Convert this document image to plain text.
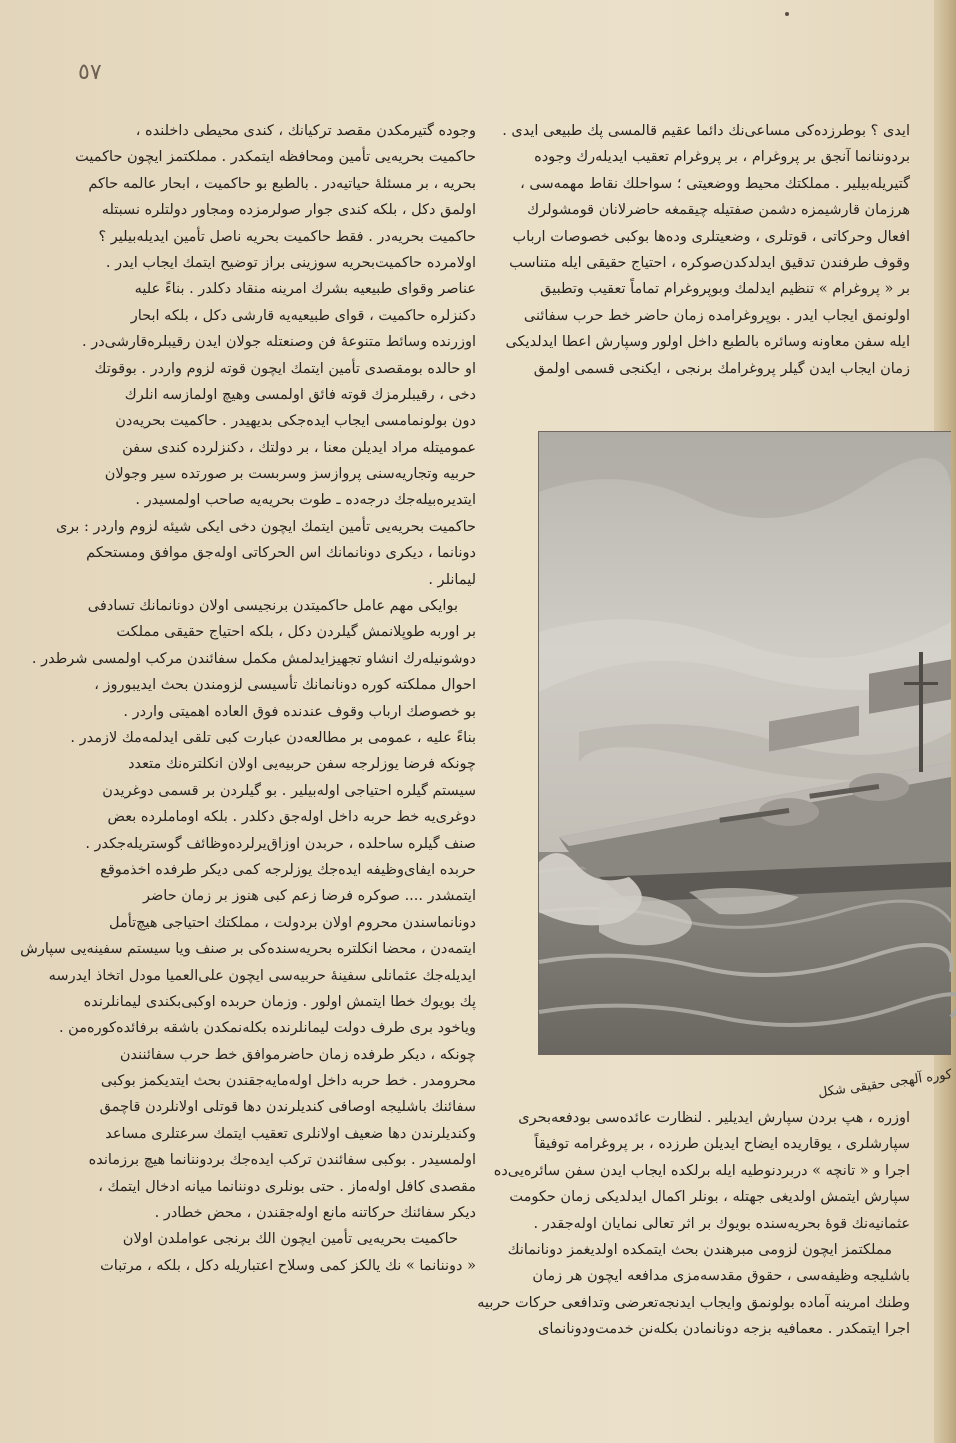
٥٧
ایدی ؟ بوطرزده‌کی مساعی‌نك دائما عقيم قالمسی پك طبیعی ایدی .
بردوننانما آنجق بر پروغرام ، بر پروغرام تعقیب ایدیله‌رك وجوده
گتیریله‌بیلیر . مملکتك محیط ووضعیتی ؛ سواحلك نقاط مهمه‌سی ،
هرزمان قارشیمزه دشمن صفتیله چیقمغه حاضرلانان قومشولرك
افعال وحرکاتی ، قوتلری ، وضعیتلری وده‌ها بوکبی خصوصات ارباب
وقوف طرفندن تدقیق ایدلدکدن‌صوکره ، احتیاج حقیقی ایله متناسب
بر « پروغرام » تنظیم ایدلمك وبوپروغرام تماماً تعقیب وتطبیق
اولونمق ایجاب ایدر . بوپروغرامده زمان حاضر خط حرب سفائنی
ایله سفن معاونه وسائره بالطبع داخل اولور وسپارش اعطا ایدلدیکی
زمان ایجاب ایدن گیلر پروغرامك برنجی ، ایکنجی قسمی اولمق
کوره ‌آلهجی حقیقی شکل
اوزره ، هپ بردن سپارش ایدیلیر . لنظارت عائده‌سی بودفعه‌بحری
سپارشلری ، یوقاریده ایضاح ایدیلن طرزده ، بر پروغرامه توفیقاً
اجرا و « تانچه » دربردنوطیه ایله برلکده ایجاب ایدن سفن سائره‌یی‌ده
سپارش ایتمش اولدیغی جهتله ، بونلر اکمال ایدلدیکی زمان حکومت
عثمانیه‌نك قوهٔ بحریه‌سنده بویوك بر اثر تعالی نمایان اوله‌جقدر .
مملکتمز ایچون لزومی مبرهندن بحث ایتمکده اولدیغمز دونانمانك
باشلیجه وظیفه‌سی ، حقوق مقدسه‌مزی مدافعه ایچون هر زمان
وطنك امرینه آماده بولونمق وایجاب ایدنجه‌تعرضی وتدافعی حرکات حربیه
اجرا ایتمکدر . معمافیه بزجه دونانمادن بکله‌نن خدمت‌ودونانمای
وجوده گتیرمکدن مقصد ترکیانك ، کندی محیطی داخلنده ،
حاکمیت بحریه‌یی تأمین ومحافظه ایتمکدر . مملکتمز ایچون حاکمیت
بحریه ، بر مسئلهٔ حیاتیه‌در . بالطبع بو حاکمیت ، ابحار عالمه حاکم
اولمق دکل ، بلکه کندی جوار صولرمزده ومجاور دولتلره نسبتله
حاکمیت بحریه‌در . فقط حاکمیت بحریه ناصل تأمین ایدیله‌بیلیر ؟
اولامرده حاکمیت‌بحریه سوزینی براز توضیح ایتمك ایجاب ایدر .
عناصر وقوای طبیعیه بشرك امرینه منقاد دکلدر . بناءً علیه
دکنزلره حاکمیت ، قوای طبیعیه‌یه قارشی دکل ، بلکه ابحار
اوزرنده وسائط متنوعهٔ فن وصنعتله جولان ایدن رقیبلره‌قارشی‌در .
او حالده بومقصدی تأمین ایتمك ایچون قوته لزوم واردر . بوقوتك
دخی ، رقیبلرمزك قوته فائق اولمسی وهیچ اولمازسه انلرك
دون بولونمامسی ایجاب ایده‌جکی بدیهیدر . حاکمیت بحریه‌دن
عمومیتله مراد ایدیلن معنا ، بر دولتك ، دکنزلرده کندی سفن
حربیه وتجاریه‌سنی پروازسز وسربست بر صورتده سیر وجولان
ایتدیره‌بیله‌جك درجه‌ده ـ طوت بحریه‌یه صاحب اولمسیدر .
حاکمیت بحریه‌یی تأمین ایتمك ایچون دخی ایکی شیئه لزوم واردر : بری
دونانما ، دیکری دونانمانك اس الحرکاتی اوله‌جق موافق ومستحکم
لیمانلر .
بوایکی مهم عامل حاکمیتدن برنجیسی اولان دونانمانك تسادفی
بر اوربه طوپلانمش گیلردن دکل ، بلکه احتیاج حقیقی مملکت
دوشونیله‌رك انشاو تجهیزایدلمش مکمل سفائندن مرکب اولمسی شرطدر .
احوال مملکته کوره دونانمانك تأسیسی لزومندن بحث ایدیبوروز ،
بو خصوصك ارباب وقوف عندنده فوق العاده اهمیتی واردر .
بناءً علیه ، عمومی بر مطالعه‌دن عبارت کبی تلقی ایدلمه‌مك لازمدر .
چونکه فرضا یوزلرجه سفن حربیه‌یی اولان انکلتره‌نك متعدد
سیستم گیلره احتیاجی اوله‌بیلیر . بو گیلردن بر قسمی دوغریدن
دوغری‌یه خط حربه داخل اوله‌جق دکلدر . بلکه اوماملرده بعض
صنف گیلره ساحلده ، حربدن اوزاق‌یرلرده‌وظائف گوستریله‌جکدر .
حربده ایفای‌وظیفه ایده‌جك یوزلرجه کمی دیکر طرفده اخذموقع
ایتمشدر .... صوکره فرضا زعم کبی هنوز بر زمان حاضر
دونانماسندن محروم اولان بردولت ، مملکتك احتیاجی هیچ‌تأمل
ایتمه‌دن ، محضا انکلتره بحریه‌سنده‌کی بر صنف ویا سیستم سفینه‌یی سپارش
ایدیله‌جك عثمانلی سفینهٔ حربیه‌سی ایچون علی‌العمیا مودل اتخاذ ایدرسه
پك بویوك خطا ایتمش اولور . وزمان حربده اوکبی‌بکندی لیمانلرنده
ویاخود بری طرف دولت لیمانلرنده بکله‌نمکدن باشقه برفائده‌کوره‌من .
چونکه ، دیکر طرفده زمان حاضرموافق خط حرب سفائنندن
محرومدر . خط حربه داخل اوله‌مایه‌جقندن بحث ایتدیکمز بوکبی
سفائنك باشلیجه اوصافی کندیلرندن دها قوتلی اولانلردن قاچمق
وکندیلرندن دها ضعیف اولانلری تعقیب ایتمك سرعتلری مساعد
اولمسیدر . بوکبی سفائندن ترکب ایده‌جك بردوننانما هیچ برزمانده
مقصدی کافل اوله‌ماز . حتی بونلری دوننانما میانه ادخال ایتمك ،
دیکر سفائنك حرکاتنه مانع اوله‌جقندن ، محض خطادر .
حاکمیت بحریه‌یی تأمین ایچون الك برنجی عواملدن اولان
« دوننانما » نك یالکز کمی وسلاح اعتباریله دکل ، بلکه ، مرتبات
